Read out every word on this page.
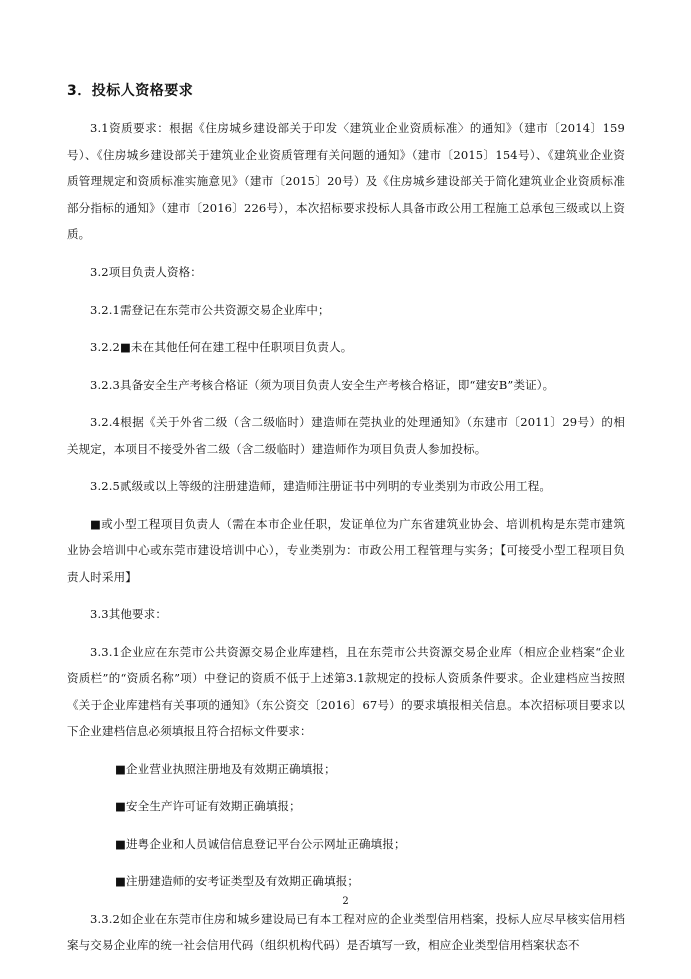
3．投标人资格要求

3.1资质要求：根据《住房城乡建设部关于印发〈建筑业企业资质标准〉的通知》（建市〔2014〕159号）、《住房城乡建设部关于建筑业企业资质管理有关问题的通知》（建市〔2015〕154号）、《建筑业企业资质管理规定和资质标准实施意见》（建市〔2015〕20号）及《住房城乡建设部关于简化建筑业企业资质标准部分指标的通知》（建市〔2016〕226号），本次招标要求投标人具备市政公用工程施工总承包三级或以上资质。

3.2项目负责人资格：

3.2.1需登记在东莞市公共资源交易企业库中；

3.2.2■未在其他任何在建工程中任职项目负责人。

3.2.3具备安全生产考核合格证（须为项目负责人安全生产考核合格证，即“建安B”类证）。

3.2.4根据《关于外省二级（含二级临时）建造师在莞执业的处理通知》（东建市〔2011〕29号）的相关规定，本项目不接受外省二级（含二级临时）建造师作为项目负责人参加投标。

3.2.5贰级或以上等级的注册建造师，建造师注册证书中列明的专业类别为市政公用工程。

■或小型工程项目负责人（需在本市企业任职，发证单位为广东省建筑业协会、培训机构是东莞市建筑业协会培训中心或东莞市建设培训中心），专业类别为：市政公用工程管理与实务；【可接受小型工程项目负责人时采用】

3.3其他要求：

3.3.1企业应在东莞市公共资源交易企业库建档，且在东莞市公共资源交易企业库（相应企业档案“企业资质栏”的“资质名称”项）中登记的资质不低于上述第3.1款规定的投标人资质条件要求。企业建档应当按照《关于企业库建档有关事项的通知》（东公资交〔2016〕67号）的要求填报相关信息。本次招标项目要求以下企业建档信息必须填报且符合招标文件要求：

■企业营业执照注册地及有效期正确填报；
■安全生产许可证有效期正确填报；
■进粤企业和人员诚信信息登记平台公示网址正确填报；
■注册建造师的安考证类型及有效期正确填报；

3.3.2如企业在东莞市住房和城乡建设局已有本工程对应的企业类型信用档案，投标人应尽早核实信用档案与交易企业库的统一社会信用代码（组织机构代码）是否填写一致，相应企业类型信用档案状态不

2
